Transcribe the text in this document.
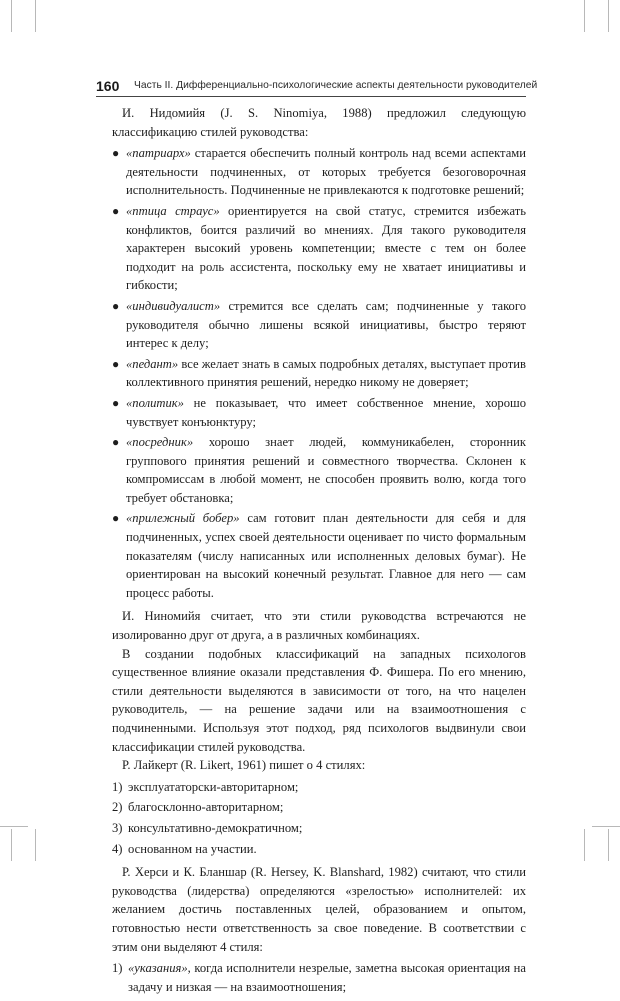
160 Часть II. Дифференциально-психологические аспекты деятельности руководителей

И. Нидомийя (J. S. Ninomiya, 1988) предложил следующую классификацию стилей руководства:

● «патриарх» старается обеспечить полный контроль над всеми аспектами деятельности подчиненных, от которых требуется безоговорочная исполнительность. Подчиненные не привлекаются к подготовке решений;
● «птица страус» ориентируется на свой статус, стремится избежать конфликтов, боится различий во мнениях. Для такого руководителя характерен высокий уровень компетенции; вместе с тем он более подходит на роль ассистента, поскольку ему не хватает инициативы и гибкости;
● «индивидуалист» стремится все сделать сам; подчиненные у такого руководителя обычно лишены всякой инициативы, быстро теряют интерес к делу;
● «педант» все желает знать в самых подробных деталях, выступает против коллективного принятия решений, нередко никому не доверяет;
● «политик» не показывает, что имеет собственное мнение, хорошо чувствует конъюнктуру;
● «посредник» хорошо знает людей, коммуникабелен, сторонник группового принятия решений и совместного творчества. Склонен к компромиссам в любой момент, не способен проявить волю, когда того требует обстановка;
● «прилежный бобер» сам готовит план деятельности для себя и для подчиненных, успех своей деятельности оценивает по чисто формальным показателям (числу написанных или исполненных деловых бумаг). Не ориентирован на высокий конечный результат. Главное для него — сам процесс работы.

И. Ниномийя считает, что эти стили руководства встречаются не изолированно друг от друга, а в различных комбинациях.

В создании подобных классификаций на западных психологов существенное влияние оказали представления Ф. Фишера. По его мнению, стили деятельности выделяются в зависимости от того, на что нацелен руководитель, — на решение задачи или на взаимоотношения с подчиненными. Используя этот подход, ряд психологов выдвинули свои классификации стилей руководства.

Р. Лайкерт (R. Likert, 1961) пишет о 4 стилях:

1) эксплуататорски-авторитарном;
2) благосклонно-авторитарном;
3) консультативно-демократичном;
4) основанном на участии.

Р. Херси и К. Бланшар (R. Hersey, K. Blanshard, 1982) считают, что стили руководства (лидерства) определяются «зрелостью» исполнителей: их желанием достичь поставленных целей, образованием и опытом, готовностью нести ответственность за свое поведение. В соответствии с этим они выделяют 4 стиля:

1) «указания», когда исполнители незрелые, заметна высокая ориентация на задачу и низкая — на взаимоотношения;
